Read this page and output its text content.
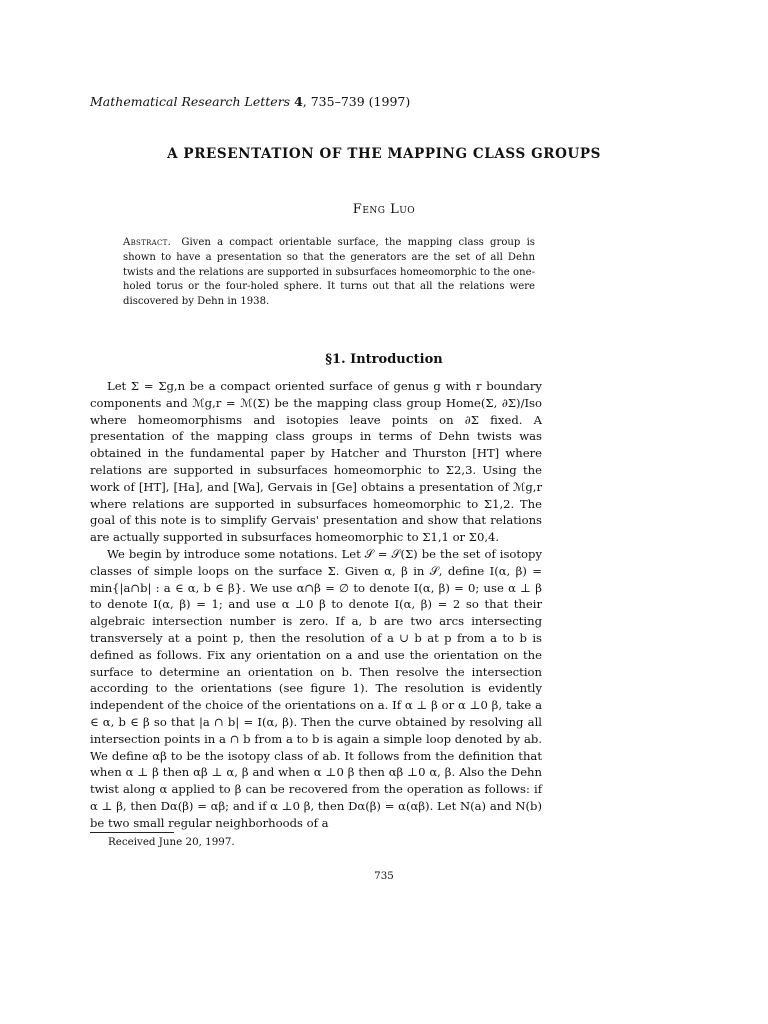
Mathematical Research Letters 4, 735–739 (1997)
A PRESENTATION OF THE MAPPING CLASS GROUPS
Feng Luo
Abstract. Given a compact orientable surface, the mapping class group is shown to have a presentation so that the generators are the set of all Dehn twists and the relations are supported in subsurfaces homeomorphic to the one-holed torus or the four-holed sphere. It turns out that all the relations were discovered by Dehn in 1938.
§1. Introduction

Let Σ = Σg,n be a compact oriented surface of genus g with r boundary components and ℳg,r = ℳ(Σ) be the mapping class group Home(Σ, ∂Σ)/Iso where homeomorphisms and isotopies leave points on ∂Σ fixed. A presentation of the mapping class groups in terms of Dehn twists was obtained in the fundamental paper by Hatcher and Thurston [HT] where relations are supported in subsurfaces homeomorphic to Σ2,3. Using the work of [HT], [Ha], and [Wa], Gervais in [Ge] obtains a presentation of ℳg,r where relations are supported in subsurfaces homeomorphic to Σ1,2. The goal of this note is to simplify Gervais' presentation and show that relations are actually supported in subsurfaces homeomorphic to Σ1,1 or Σ0,4.

We begin by introduce some notations. Let 𝒮 = 𝒮(Σ) be the set of isotopy classes of simple loops on the surface Σ. Given α, β in 𝒮, define I(α, β) = min{|a∩b| : a ∈ α, b ∈ β}. We use α∩β = ∅ to denote I(α, β) = 0; use α ⊥ β to denote I(α, β) = 1; and use α ⊥0 β to denote I(α, β) = 2 so that their algebraic intersection number is zero. If a, b are two arcs intersecting transversely at a point p, then the resolution of a ∪ b at p from a to b is defined as follows. Fix any orientation on a and use the orientation on the surface to determine an orientation on b. Then resolve the intersection according to the orientations (see figure 1). The resolution is evidently independent of the choice of the orientations on a. If α ⊥ β or α ⊥0 β, take a ∈ α, b ∈ β so that |a ∩ b| = I(α, β). Then the curve obtained by resolving all intersection points in a ∩ b from a to b is again a simple loop denoted by ab. We define αβ to be the isotopy class of ab. It follows from the definition that when α ⊥ β then αβ ⊥ α, β and when α ⊥0 β then αβ ⊥0 α, β. Also the Dehn twist along α applied to β can be recovered from the operation as follows: if α ⊥ β, then Dα(β) = αβ; and if α ⊥0 β, then Dα(β) = α(αβ). Let N(a) and N(b) be two small regular neighborhoods of a

Received June 20, 1997.
735
